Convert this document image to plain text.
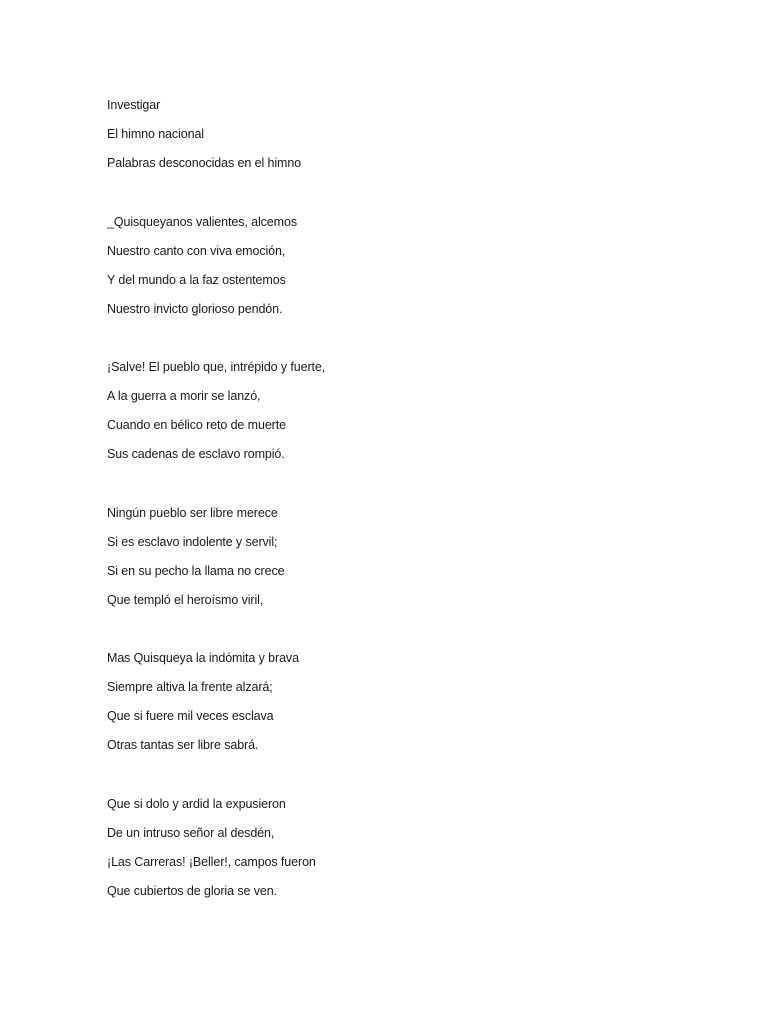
Investigar
El himno nacional
Palabras desconocidas en el himno
_Quisqueyanos valientes, alcemos
Nuestro canto con viva emoción,
Y del mundo a la faz ostentemos
Nuestro invicto glorioso pendón.
¡Salve! El pueblo que, intrépido y fuerte,
A la guerra a morir se lanzó,
Cuando en bélico reto de muerte
Sus cadenas de esclavo rompió.
Ningún pueblo ser libre merece
Si es esclavo indolente y servil;
Si en su pecho la llama no crece
Que templó el heroísmo viril,
Mas Quisqueya la indómita y brava
Siempre altiva la frente alzará;
Que si fuere mil veces esclava
Otras tantas ser libre sabrá.
Que si dolo y ardid la expusieron
De un intruso señor al desdén,
¡Las Carreras! ¡Beller!, campos fueron
Que cubiertos de gloria se ven.
